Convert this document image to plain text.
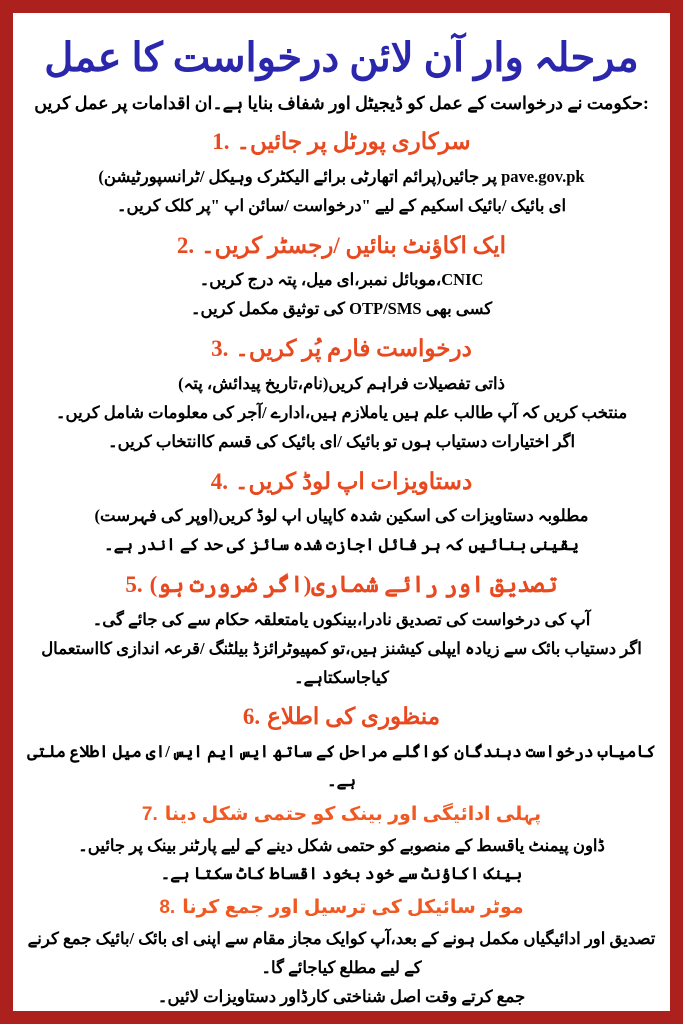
مرحلہ وار آن لائن درخواست کا عمل

حکومت نے درخواست کے عمل کو ڈیجیٹل اور شفاف بنایا ہے۔ان اقدامات پر عمل کریں:

1. سرکاری پورٹل پر جائیں۔

pave.gov.pk پر جائیں(پرائم اتھارٹی برائے الیکٹرک وہیکل /ٹرانسپورٹیشن)

ای بائیک /بائیک اسکیم کے لیے "درخواست /سائن اپ "پر کلک کریں۔

2. ایک اکاؤنٹ بنائیں /رجسٹر کریں۔

CNIC،موبائل نمبر،ای میل، پتہ درج کریں۔

کسی بھی OTP/SMS کی توثیق مکمل کریں۔

3. درخواست فارم پُر کریں۔

ذاتی تفصیلات فراہم کریں(نام،تاریخ پیدائش، پتہ)

منتخب کریں کہ آپ طالب علم ہیں یاملازم ہیں،ادارے /آجر کی معلومات شامل کریں۔

اگر اختیارات دستیاب ہوں تو بائیک /ای بائیک کی قسم کاانتخاب کریں۔

4. دستاویزات اپ لوڈ کریں۔

مطلوبہ دستاویزات کی اسکین شدہ کاپیاں اپ لوڈ کریں(اوپر کی فہرست)

یقینی بنائیں کہ ہر فائل اجازت شدہ سائز کی حد کے اندر ہے۔

5. تصدیق اور رائے شماری(اگر ضرورت ہو)

آپ کی درخواست کی تصدیق نادرا،بینکوں یامتعلقہ حکام سے کی جائے گی۔

اگر دستیاب بائک سے زیادہ ایپلی کیشنز ہیں،تو کمپیوٹرائزڈ بیلٹنگ /قرعہ اندازی کااستعمال کیاجاسکتاہے۔

6. منظوری کی اطلاع

کامیاب درخواست دہندگان کواگلے مراحل کے ساتھ ایس ایم ایس /ای میل اطلاع ملتی ہے۔

7. پہلی ادائیگی اور بینک کو حتمی شکل دینا

ڈاون پیمنٹ یاقسط کے منصوبے کو حتمی شکل دینے کے لیے پارٹنر بینک پر جائیں۔

بینک اکاؤنٹ سے خود بخود اقساط کاٹ سکتا ہے۔

8. موٹر سائیکل کی ترسیل اور جمع کرنا

تصدیق اور ادائیگیاں مکمل ہونے کے بعد،آپ کوایک مجاز مقام سے اپنی ای بائک /بائیک جمع کرنے کے لیے مطلع کیاجائے گا۔

جمع کرتے وقت اصل شناختی کارڈاور دستاویزات لائیں۔
